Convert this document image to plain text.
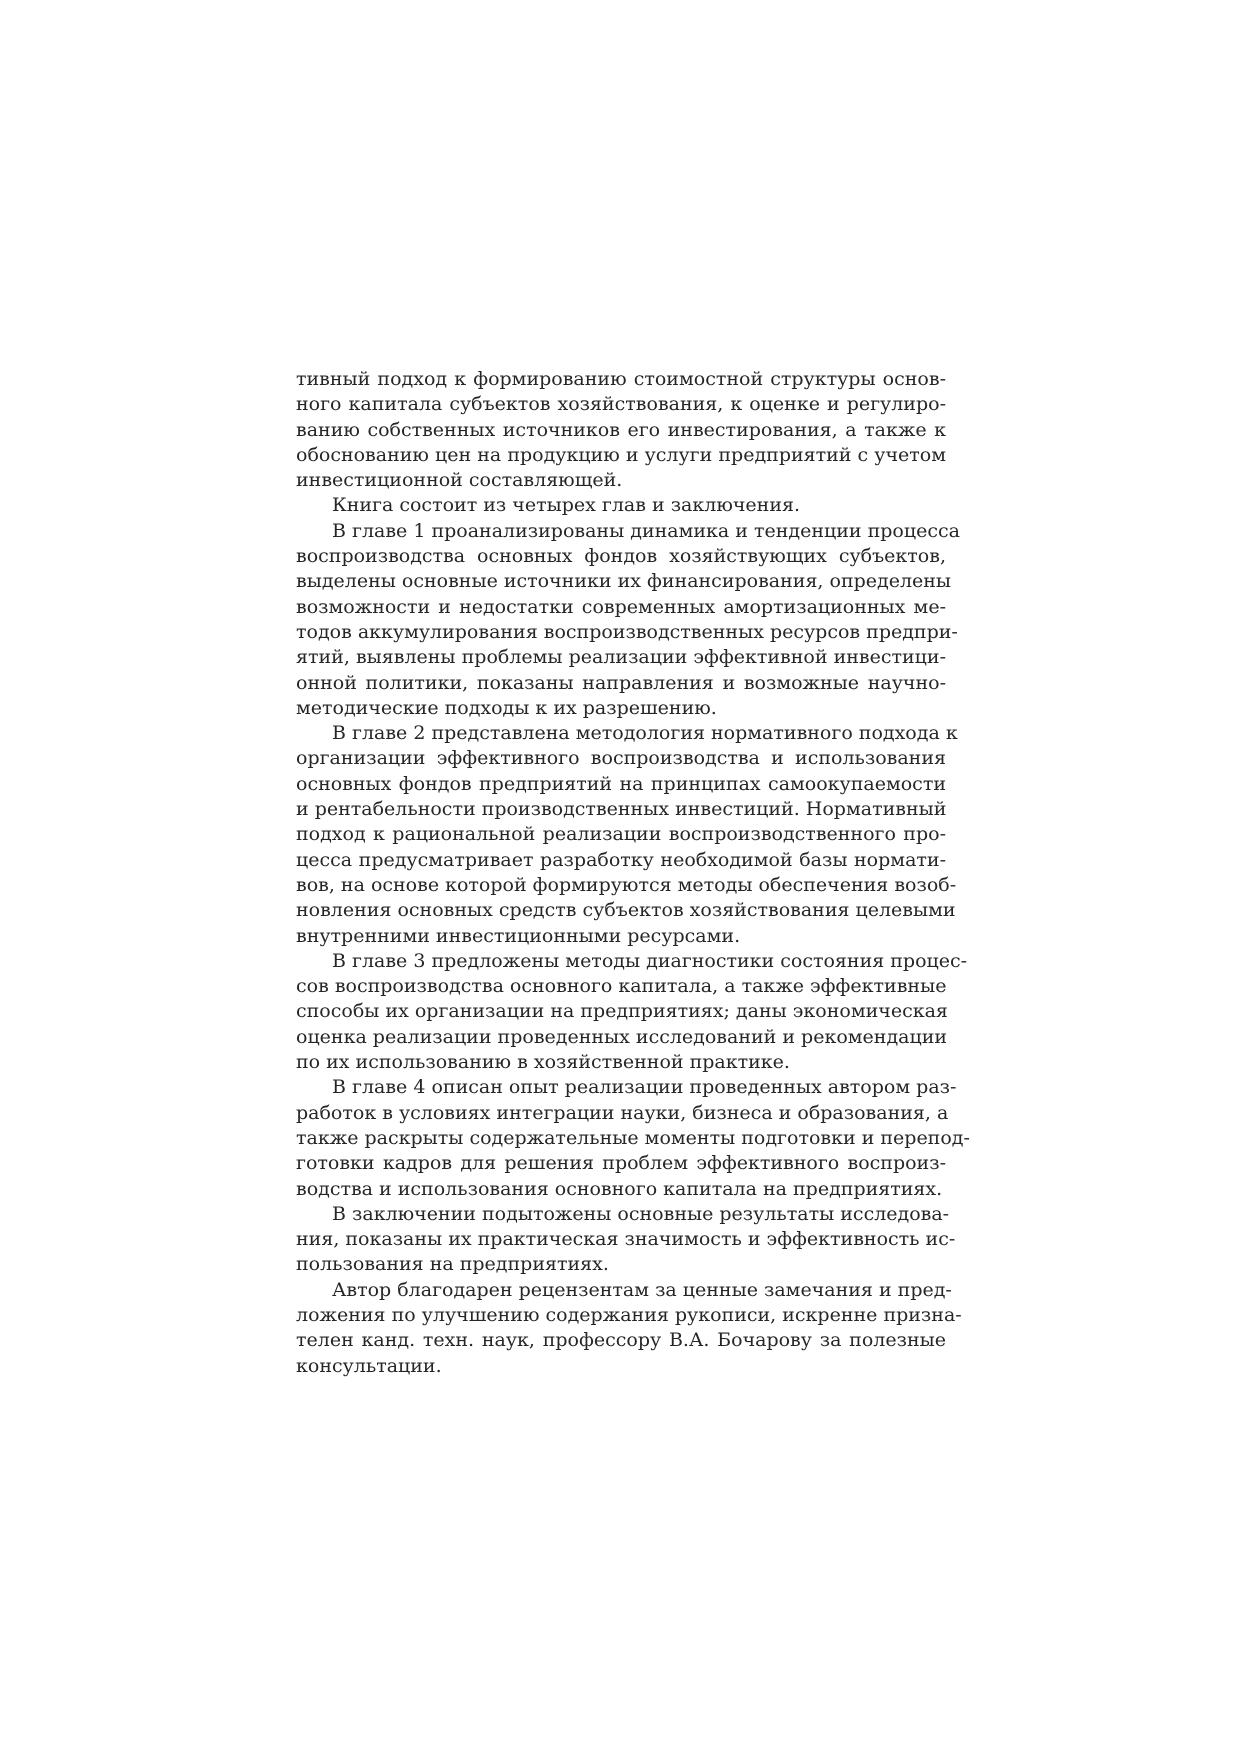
тивный подход к формированию стоимостной структуры основ-
ного капитала субъектов хозяйствования, к оценке и регулиро-
ванию собственных источников его инвестирования, а также к
обоснованию цен на продукцию и услуги предприятий с учетом
инвестиционной составляющей.

Книга состоит из четырех глав и заключения.

В главе 1 проанализированы динамика и тенденции процесса
воспроизводства основных фондов хозяйствующих субъектов,
выделены основные источники их финансирования, определены
возможности и недостатки современных амортизационных ме-
тодов аккумулирования воспроизводственных ресурсов предпри-
ятий, выявлены проблемы реализации эффективной инвестици-
онной политики, показаны направления и возможные научно-
методические подходы к их разрешению.

В главе 2 представлена методология нормативного подхода к
организации эффективного воспроизводства и использования
основных фондов предприятий на принципах самоокупаемости
и рентабельности производственных инвестиций. Нормативный
подход к рациональной реализации воспроизводственного про-
цесса предусматривает разработку необходимой базы нормати-
вов, на основе которой формируются методы обеспечения возоб-
новления основных средств субъектов хозяйствования целевыми
внутренними инвестиционными ресурсами.

В главе 3 предложены методы диагностики состояния процес-
сов воспроизводства основного капитала, а также эффективные
способы их организации на предприятиях; даны экономическая
оценка реализации проведенных исследований и рекомендации
по их использованию в хозяйственной практике.

В главе 4 описан опыт реализации проведенных автором раз-
работок в условиях интеграции науки, бизнеса и образования, а
также раскрыты содержательные моменты подготовки и перепод-
готовки кадров для решения проблем эффективного воспроиз-
водства и использования основного капитала на предприятиях.

В заключении подытожены основные результаты исследова-
ния, показаны их практическая значимость и эффективность ис-
пользования на предприятиях.

Автор благодарен рецензентам за ценные замечания и пред-
ложения по улучшению содержания рукописи, искренне призна-
телен канд. техн. наук, профессору В.А. Бочарову за полезные
консультации.
